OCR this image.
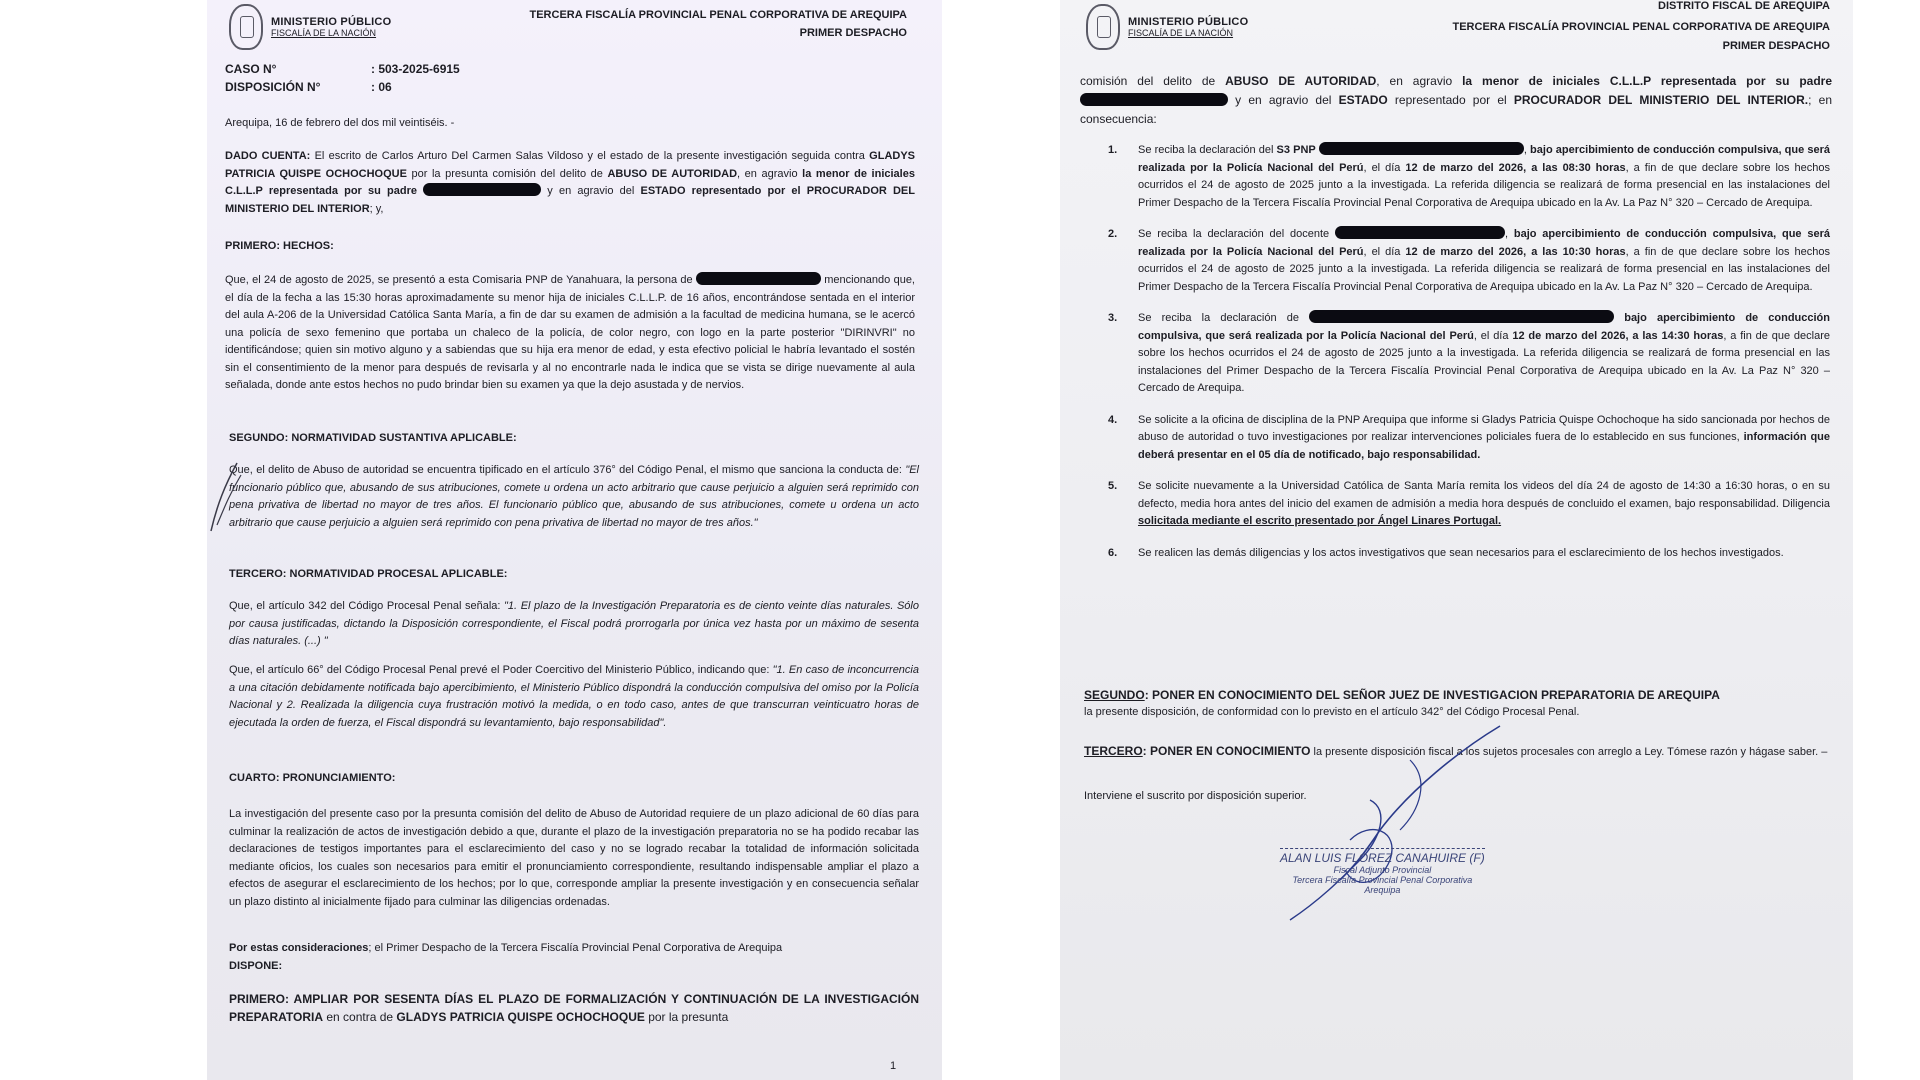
MINISTERIO PÚBLICO
FISCALÍA DE LA NACIÓN
TERCERA FISCALÍA PROVINCIAL PENAL CORPORATIVA DE AREQUIPA
PRIMER DESPACHO
CASO N°	: 503-2025-6915
DISPOSICIÓN N°	: 06
Arequipa, 16 de febrero del dos mil veintiséis. -
DADO CUENTA: El escrito de Carlos Arturo Del Carmen Salas Vildoso y el estado de la presente investigación seguida contra GLADYS PATRICIA QUISPE OCHOCHOQUE por la presunta comisión del delito de ABUSO DE AUTORIDAD, en agravio la menor de iniciales C.L.L.P representada por su padre	y en agravio del ESTADO representado por el PROCURADOR DEL MINISTERIO DEL INTERIOR; y,
PRIMERO: HECHOS:
Que, el 24 de agosto de 2025, se presentó a esta Comisaria PNP de Yanahuara, la persona de	mencionando que, el día de la fecha a las 15:30 horas aproximadamente su menor hija de iniciales C.L.L.P. de 16 años, encontrándose sentada en el interior del aula A-206 de la Universidad Católica Santa María, a fin de dar su examen de admisión a la facultad de medicina humana, se le acercó una policía de sexo femenino que portaba un chaleco de la policía, de color negro, con logo en la parte posterior "DIRINVRI" no identificándose; quien sin motivo alguno y a sabiendas que su hija era menor de edad, y esta efectivo policial le habría levantado el sostén sin el consentimiento de la menor para después de revisarla y al no encontrarle nada le indica que se vista se dirige nuevamente al aula señalada, donde ante estos hechos no pudo brindar bien su examen ya que la dejo asustada y de nervios.
SEGUNDO: NORMATIVIDAD SUSTANTIVA APLICABLE:
Que, el delito de Abuso de autoridad se encuentra tipificado en el artículo 376° del Código Penal, el mismo que sanciona la conducta de: "El funcionario público que, abusando de sus atribuciones, comete u ordena un acto arbitrario que cause perjuicio a alguien será reprimido con pena privativa de libertad no mayor de tres años. El funcionario público que, abusando de sus atribuciones, comete u ordena un acto arbitrario que cause perjuicio a alguien será reprimido con pena privativa de libertad no mayor de tres años."
TERCERO: NORMATIVIDAD PROCESAL APLICABLE:
Que, el artículo 342 del Código Procesal Penal señala: "1. El plazo de la Investigación Preparatoria es de ciento veinte días naturales. Sólo por causa justificadas, dictando la Disposición correspondiente, el Fiscal podrá prorrogarla por única vez hasta por un máximo de sesenta días naturales. (...) "
Que, el artículo 66° del Código Procesal Penal prevé el Poder Coercitivo del Ministerio Público, indicando que: "1. En caso de inconcurrencia a una citación debidamente notificada bajo apercibimiento, el Ministerio Público dispondrá la conducción compulsiva del omiso por la Policía Nacional y 2. Realizada la diligencia cuya frustración motivó la medida, o en todo caso, antes de que transcurran veinticuatro horas de ejecutada la orden de fuerza, el Fiscal dispondrá su levantamiento, bajo responsabilidad".
CUARTO: PRONUNCIAMIENTO:
La investigación del presente caso por la presunta comisión del delito de Abuso de Autoridad requiere de un plazo adicional de 60 días para culminar la realización de actos de investigación debido a que, durante el plazo de la investigación preparatoria no se ha podido recabar las declaraciones de testigos importantes para el esclarecimiento del caso y no se logrado recabar la totalidad de información solicitada mediante oficios, los cuales son necesarios para emitir el pronunciamiento correspondiente, resultando indispensable ampliar el plazo a efectos de asegurar el esclarecimiento de los hechos; por lo que, corresponde ampliar la presente investigación y en consecuencia señalar un plazo distinto al inicialmente fijado para culminar las diligencias ordenadas.
Por estas consideraciones; el Primer Despacho de la Tercera Fiscalía Provincial Penal Corporativa de Arequipa
DISPONE:
PRIMERO: AMPLIAR POR SESENTA DÍAS EL PLAZO DE FORMALIZACIÓN Y CONTINUACIÓN DE LA INVESTIGACIÓN PREPARATORIA en contra de GLADYS PATRICIA QUISPE OCHOCHOQUE por la presunta
1
DISTRITO FISCAL DE AREQUIPA
MINISTERIO PÚBLICO
FISCALÍA DE LA NACIÓN	TERCERA FISCALÍA PROVINCIAL PENAL CORPORATIVA DE AREQUIPA
PRIMER DESPACHO
comisión del delito de ABUSO DE AUTORIDAD, en agravio la menor de iniciales C.L.L.P representada por su padre  y en agravio del ESTADO representado por el PROCURADOR DEL MINISTERIO DEL INTERIOR.; en consecuencia:
1. Se reciba la declaración del S3 PNP	, bajo apercibimiento de conducción compulsiva, que será realizada por la Policía Nacional del Perú, el día 12 de marzo del 2026, a las 08:30 horas, a fin de que declare sobre los hechos ocurridos el 24 de agosto de 2025 junto a la investigada. La referida diligencia se realizará de forma presencial en las instalaciones del Primer Despacho de la Tercera Fiscalía Provincial Penal Corporativa de Arequipa ubicado en la Av. La Paz N° 320 – Cercado de Arequipa.
2. Se reciba la declaración del docente	, bajo apercibimiento de conducción compulsiva, que será realizada por la Policía Nacional del Perú, el día 12 de marzo del 2026, a las 10:30 horas, a fin de que declare sobre los hechos ocurridos el 24 de agosto de 2025 junto a la investigada. La referida diligencia se realizará de forma presencial en las instalaciones del Primer Despacho de la Tercera Fiscalía Provincial Penal Corporativa de Arequipa ubicado en la Av. La Paz N° 320 – Cercado de Arequipa.
3. Se reciba la declaración de	bajo apercibimiento de conducción compulsiva, que será realizada por la Policía Nacional del Perú, el día 12 de marzo del 2026, a las 14:30 horas, a fin de que declare sobre los hechos ocurridos el 24 de agosto de 2025 junto a la investigada. La referida diligencia se realizará de forma presencial en las instalaciones del Primer Despacho de la Tercera Fiscalía Provincial Penal Corporativa de Arequipa ubicado en la Av. La Paz N° 320 – Cercado de Arequipa.
4. Se solicite a la oficina de disciplina de la PNP Arequipa que informe si Gladys Patricia Quispe Ochochoque ha sido sancionada por hechos de abuso de autoridad o tuvo investigaciones por realizar intervenciones policiales fuera de lo establecido en sus funciones, información que deberá presentar en el 05 día de notificado, bajo responsabilidad.
5. Se solicite nuevamente a la Universidad Católica de Santa María remita los videos del día 24 de agosto de 14:30 a 16:30 horas, o en su defecto, media hora antes del inicio del examen de admisión a media hora después de concluido el examen, bajo responsabilidad. Diligencia solicitada mediante el escrito presentado por Ángel Linares Portugal.
6. Se realicen las demás diligencias y los actos investigativos que sean necesarios para el esclarecimiento de los hechos investigados.
SEGUNDO: PONER EN CONOCIMIENTO DEL SEÑOR JUEZ DE INVESTIGACION PREPARATORIA DE AREQUIPA
la presente disposición, de conformidad con lo previsto en el artículo 342° del Código Procesal Penal.
TERCERO: PONER EN CONOCIMIENTO la presente disposición fiscal a los sujetos procesales con arreglo a Ley. Tómese razón y hágase saber. –
Interviene el suscrito por disposición superior.
ALAN LUIS FLOREZ CANAHUIRE (F)
Fiscal Adjunto Provincial
Tercera Fiscalía Provincial Penal Corporativa
Arequipa
